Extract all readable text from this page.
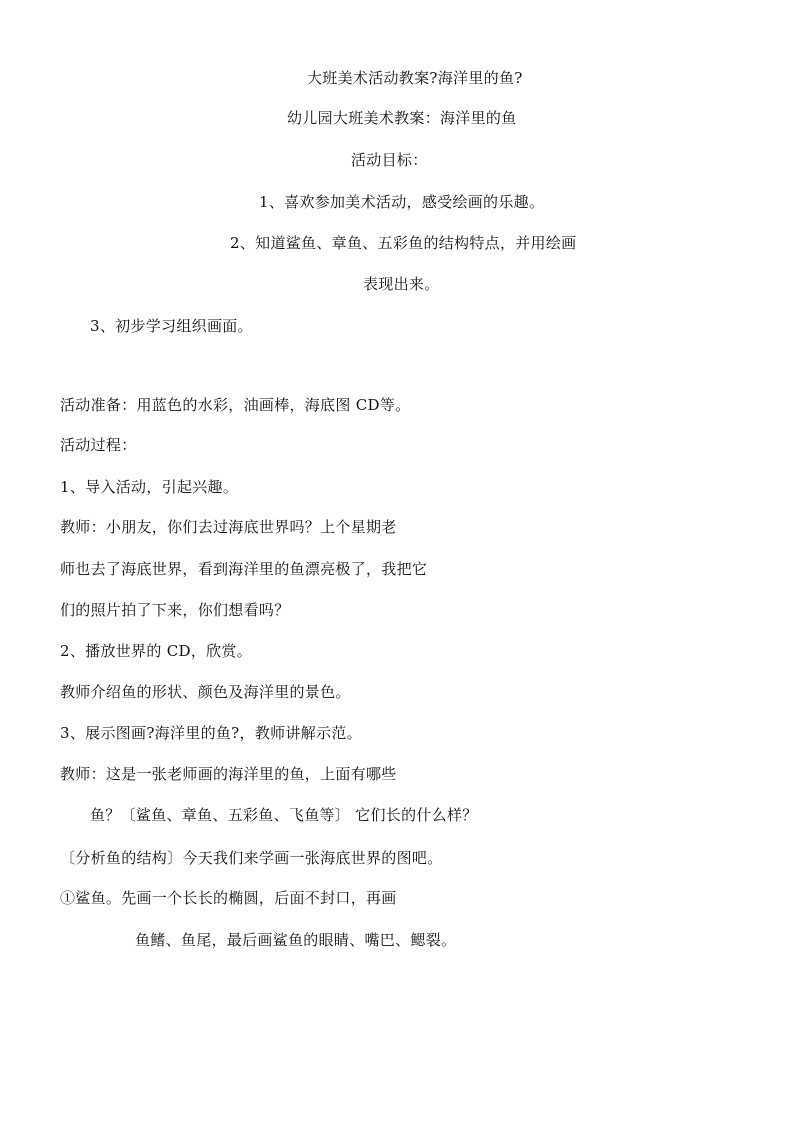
大班美术活动教案?海洋里的鱼?
幼儿园大班美术教案：海洋里的鱼
活动目标：
1、喜欢参加美术活动，感受绘画的乐趣。
2、知道鲨鱼、章鱼、五彩鱼的结构特点，并用绘画
表现出来。
3、初步学习组织画面。
活动准备：用蓝色的水彩，油画棒，海底图 CD等。
活动过程：
1、导入活动，引起兴趣。
教师：小朋友，你们去过海底世界吗？上个星期老
师也去了海底世界，看到海洋里的鱼漂亮极了，我把它
们的照片拍了下来，你们想看吗？
2、播放世界的 CD，欣赏。
教师介绍鱼的形状、颜色及海洋里的景色。
3、展示图画?海洋里的鱼?，教师讲解示范。
教师：这是一张老师画的海洋里的鱼，上面有哪些
鱼？〔鲨鱼、章鱼、五彩鱼、飞鱼等〕 它们长的什么样？
〔分析鱼的结构〕今天我们来学画一张海底世界的图吧。
①鲨鱼。先画一个长长的椭圆，后面不封口，再画
鱼鳍、鱼尾，最后画鲨鱼的眼睛、嘴巴、鳃裂。
